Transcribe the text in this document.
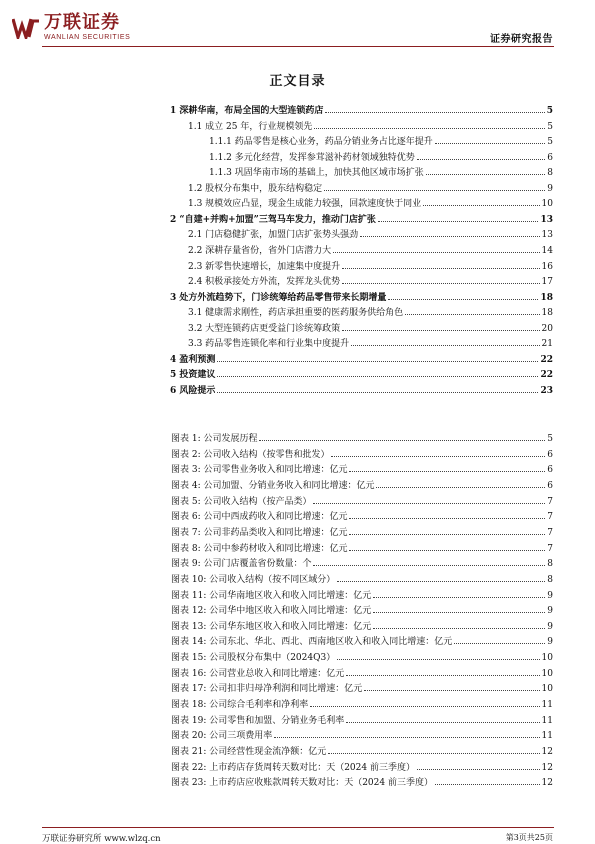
万联证券
WANLIAN SECURITIES	证券研究报告
正文目录
1 深耕华南，布局全国的大型连锁药店	5
1.1 成立 25 年，行业规模领先	5
1.1.1 药品零售是核心业务，药品分销业务占比逐年提升	5
1.1.2 多元化经营，发挥参茸滋补药材领域独特优势	6
1.1.3 巩固华南市场的基础上，加快其他区域市场扩张	8
1.2 股权分布集中，股东结构稳定	9
1.3 规模效应凸显，现金生成能力较强，回款速度快于同业	10
2 “自建+并购+加盟”三驾马车发力，推动门店扩张	13
2.1 门店稳健扩张，加盟门店扩张势头强劲	13
2.2 深耕存量省份，省外门店潜力大	14
2.3 新零售快速增长，加速集中度提升	16
2.4 积极承接处方外流，发挥龙头优势	17
3 处方外流趋势下，门诊统筹给药品零售带来长期增量	18
3.1 健康需求刚性，药店承担重要的医药服务供给角色	18
3.2 大型连锁药店更受益门诊统筹政策	20
3.3 药品零售连锁化率和行业集中度提升	21
4 盈利预测	22
5 投资建议	22
6 风险提示	23
图表 1: 公司发展历程	5
图表 2: 公司收入结构（按零售和批发）	6
图表 3: 公司零售业务收入和同比增速：亿元	6
图表 4: 公司加盟、分销业务收入和同比增速：亿元	6
图表 5: 公司收入结构（按产品类）	7
图表 6: 公司中西成药收入和同比增速：亿元	7
图表 7: 公司非药品类收入和同比增速：亿元	7
图表 8: 公司中参药材收入和同比增速：亿元	7
图表 9: 公司门店覆盖省份数量：个	8
图表 10: 公司收入结构（按不同区域分）	8
图表 11: 公司华南地区收入和收入同比增速：亿元	9
图表 12: 公司华中地区收入和收入同比增速：亿元	9
图表 13: 公司华东地区收入和收入同比增速：亿元	9
图表 14: 公司东北、华北、西北、西南地区收入和收入同比增速：亿元	9
图表 15: 公司股权分布集中（2024Q3）	10
图表 16: 公司营业总收入和同比增速：亿元	10
图表 17: 公司扣非归母净利润和同比增速：亿元	10
图表 18: 公司综合毛利率和净利率	11
图表 19: 公司零售和加盟、分销业务毛利率	11
图表 20: 公司三项费用率	11
图表 21: 公司经营性现金流净额：亿元	12
图表 22: 上市药店存货周转天数对比：天（2024 前三季度）	12
图表 23: 上市药店应收账款周转天数对比：天（2024 前三季度）	12
万联证券研究所 www.wlzq.cn	第3页共25页
